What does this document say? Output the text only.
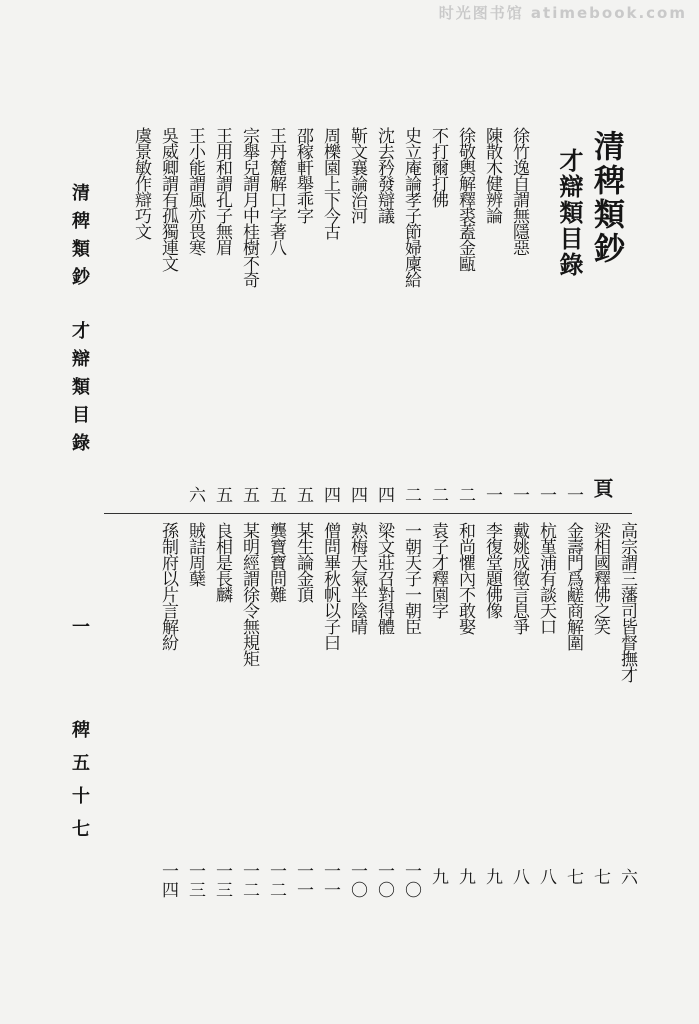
时光图书馆 atimebook.com
清稗類鈔
才辯類目錄
徐竹逸自謂無隱惡
陳散木健辨論
徐敬輿解釋裘蓋金甌
不打爾打佛
史立庵論孝子節婦廩給
沈去矜發辯議
靳文襄論治河
周櫟園上下今古
邵稼軒舉乖字
王丹麓解口字著八
宗舉兒謂月中桂樹不奇
王用和謂孔子無眉
王小能謂風亦畏寒
吳威卿謂有孤獨連文
虞景敏作辯巧文
頁
一
一
一
一
二
二
二
四
四
四
五
五
五
五
六
高宗謂三藩司皆督撫才
梁相國釋佛之笑
金壽門爲鹺商解圍
杭堇浦有談天口
戴姚成徵言息爭
李復堂題佛像
和尚懼內不敢娶
袁子才釋園字
一朝天子一朝臣
梁文莊召對得體
熟梅天氣半陰晴
僧問畢秋帆以子曰
某生論金頂
龔寶寶問難
某明經謂徐令無規矩
良相是長麟
賊詰周蘖
孫制府以片言解紛
六
七
七
八
八
九
九
九
一〇
一〇
一〇
一一
一一
一二
一二
一三
一三
一四
清稗類鈔才辯類目錄
一稗五十七
